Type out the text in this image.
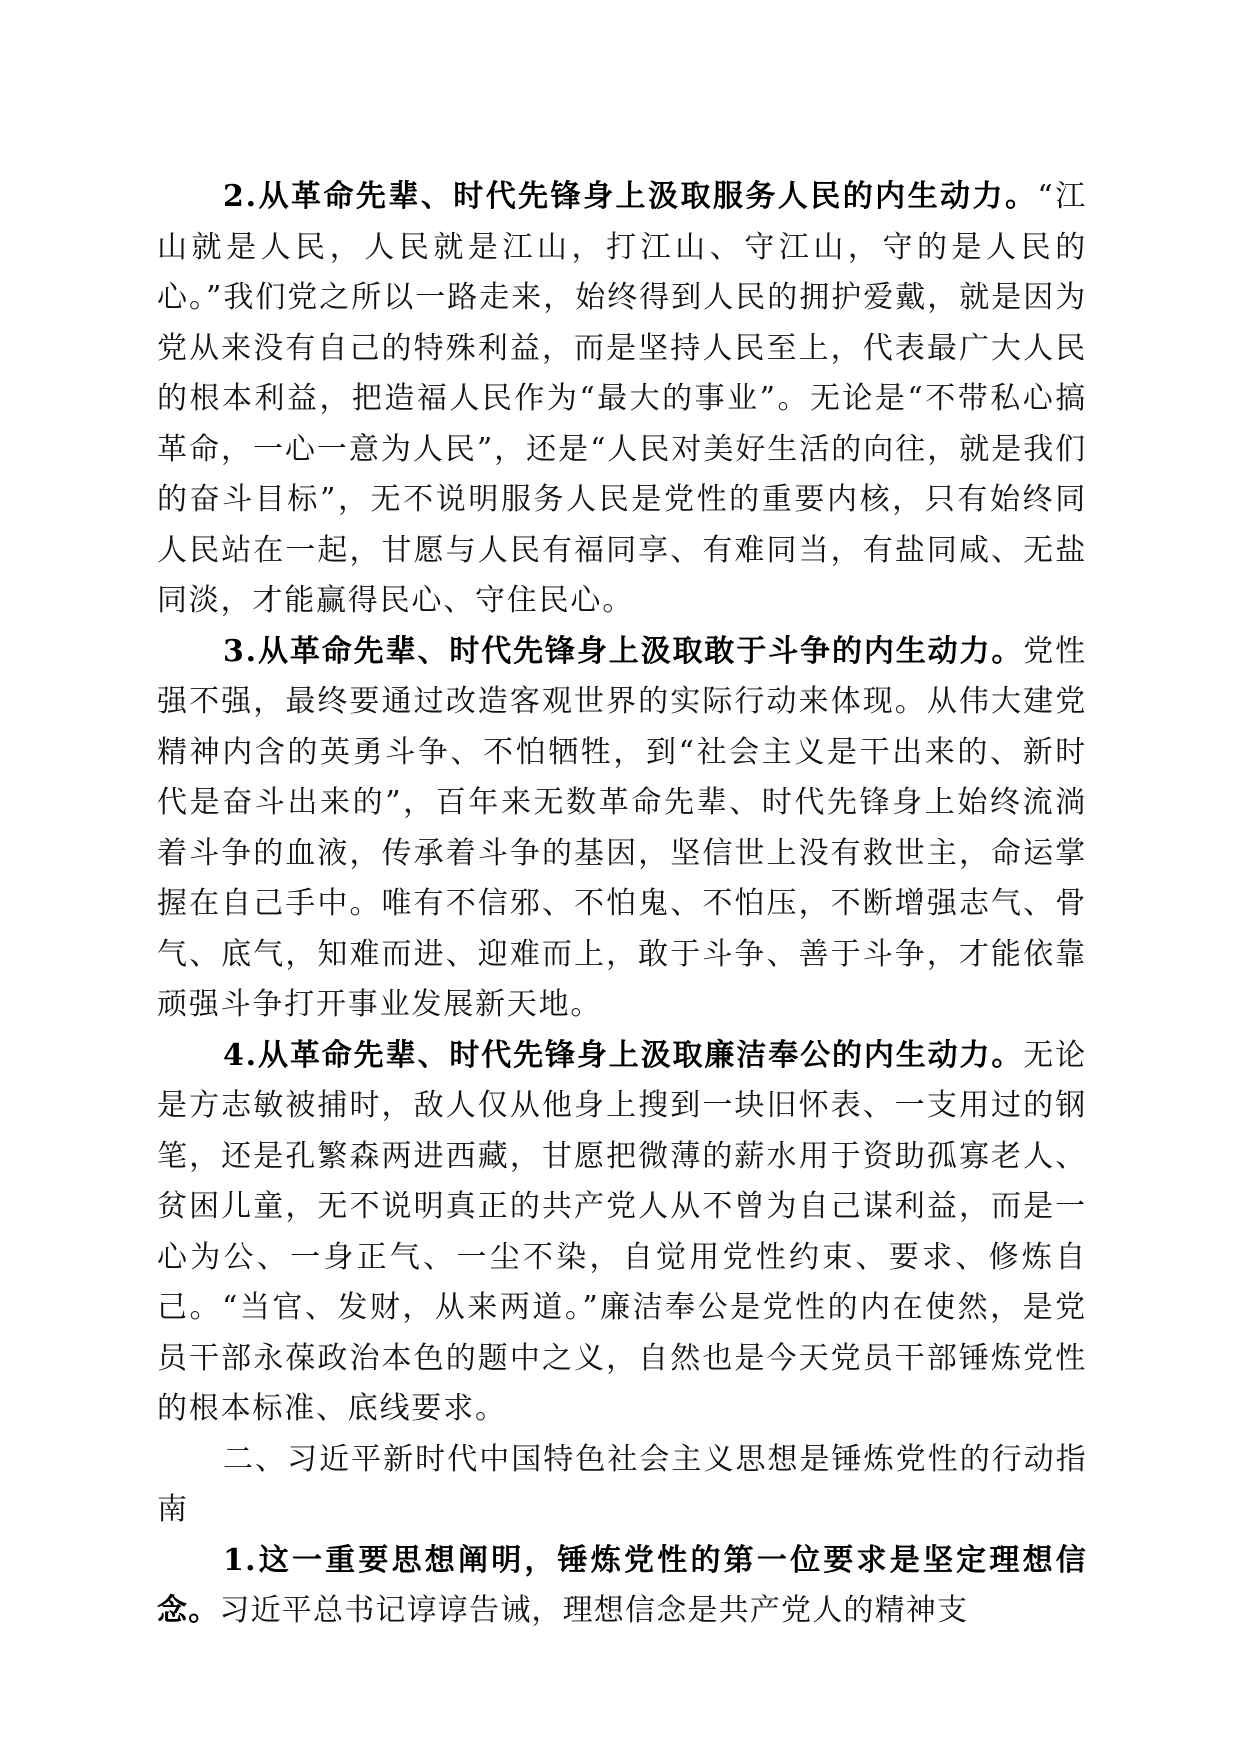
2.从革命先辈、时代先锋身上汲取服务人民的内生动力。“江山就是人民，人民就是江山，打江山、守江山，守的是人民的心。”我们党之所以一路走来，始终得到人民的拥护爱戴，就是因为党从来没有自己的特殊利益，而是坚持人民至上，代表最广大人民的根本利益，把造福人民作为“最大的事业”。无论是“不带私心搞革命，一心一意为人民”，还是“人民对美好生活的向往，就是我们的奋斗目标”，无不说明服务人民是党性的重要内核，只有始终同人民站在一起，甘愿与人民有福同享、有难同当，有盐同咸、无盐同淡，才能赢得民心、守住民心。

3.从革命先辈、时代先锋身上汲取敢于斗争的内生动力。党性强不强，最终要通过改造客观世界的实际行动来体现。从伟大建党精神内含的英勇斗争、不怕牺牲，到“社会主义是干出来的、新时代是奋斗出来的”，百年来无数革命先辈、时代先锋身上始终流淌着斗争的血液，传承着斗争的基因，坚信世上没有救世主，命运掌握在自己手中。唯有不信邪、不怕鬼、不怕压，不断增强志气、骨气、底气，知难而进、迎难而上，敢于斗争、善于斗争，才能依靠顽强斗争打开事业发展新天地。

4.从革命先辈、时代先锋身上汲取廉洁奉公的内生动力。无论是方志敏被捕时，敌人仅从他身上搜到一块旧怀表、一支用过的钢笔，还是孔繁森两进西藏，甘愿把微薄的薪水用于资助孤寡老人、贫困儿童，无不说明真正的共产党人从不曾为自己谋利益，而是一心为公、一身正气、一尘不染，自觉用党性约束、要求、修炼自己。“当官、发财，从来两道。”廉洁奉公是党性的内在使然，是党员干部永葆政治本色的题中之义，自然也是今天党员干部锤炼党性的根本标准、底线要求。

二、习近平新时代中国特色社会主义思想是锤炼党性的行动指南

1.这一重要思想阐明，锤炼党性的第一位要求是坚定理想信念。习近平总书记谆谆告诫，理想信念是共产党人的精神支
